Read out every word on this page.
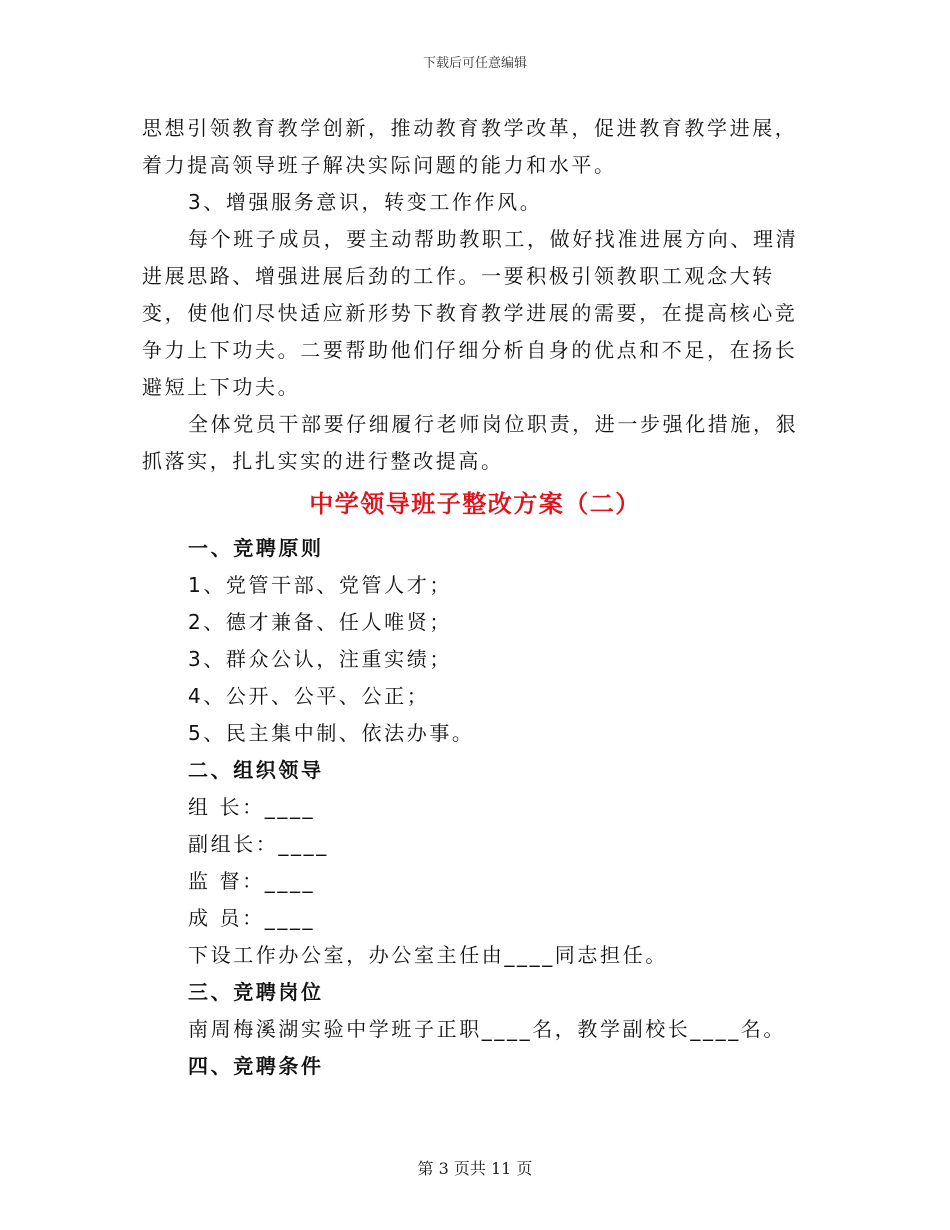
下载后可任意编辑

思想引领教育教学创新，推动教育教学改革，促进教育教学进展，着力提高领导班子解决实际问题的能力和水平。

3、增强服务意识，转变工作作风。

每个班子成员，要主动帮助教职工，做好找准进展方向、理清进展思路、增强进展后劲的工作。一要积极引领教职工观念大转变，使他们尽快适应新形势下教育教学进展的需要，在提高核心竞争力上下功夫。二要帮助他们仔细分析自身的优点和不足，在扬长避短上下功夫。

全体党员干部要仔细履行老师岗位职责，进一步强化措施，狠抓落实，扎扎实实的进行整改提高。

中学领导班子整改方案（二）

一、竞聘原则

1、党管干部、党管人才；

2、德才兼备、任人唯贤；

3、群众公认，注重实绩；

4、公开、公平、公正；

5、民主集中制、依法办事。

二、组织领导

组 长：____

副组长：____

监 督：____

成 员：____

下设工作办公室，办公室主任由____同志担任。

三、竞聘岗位

南周梅溪湖实验中学班子正职____名，教学副校长____名。

四、竞聘条件

第 3 页共 11 页
